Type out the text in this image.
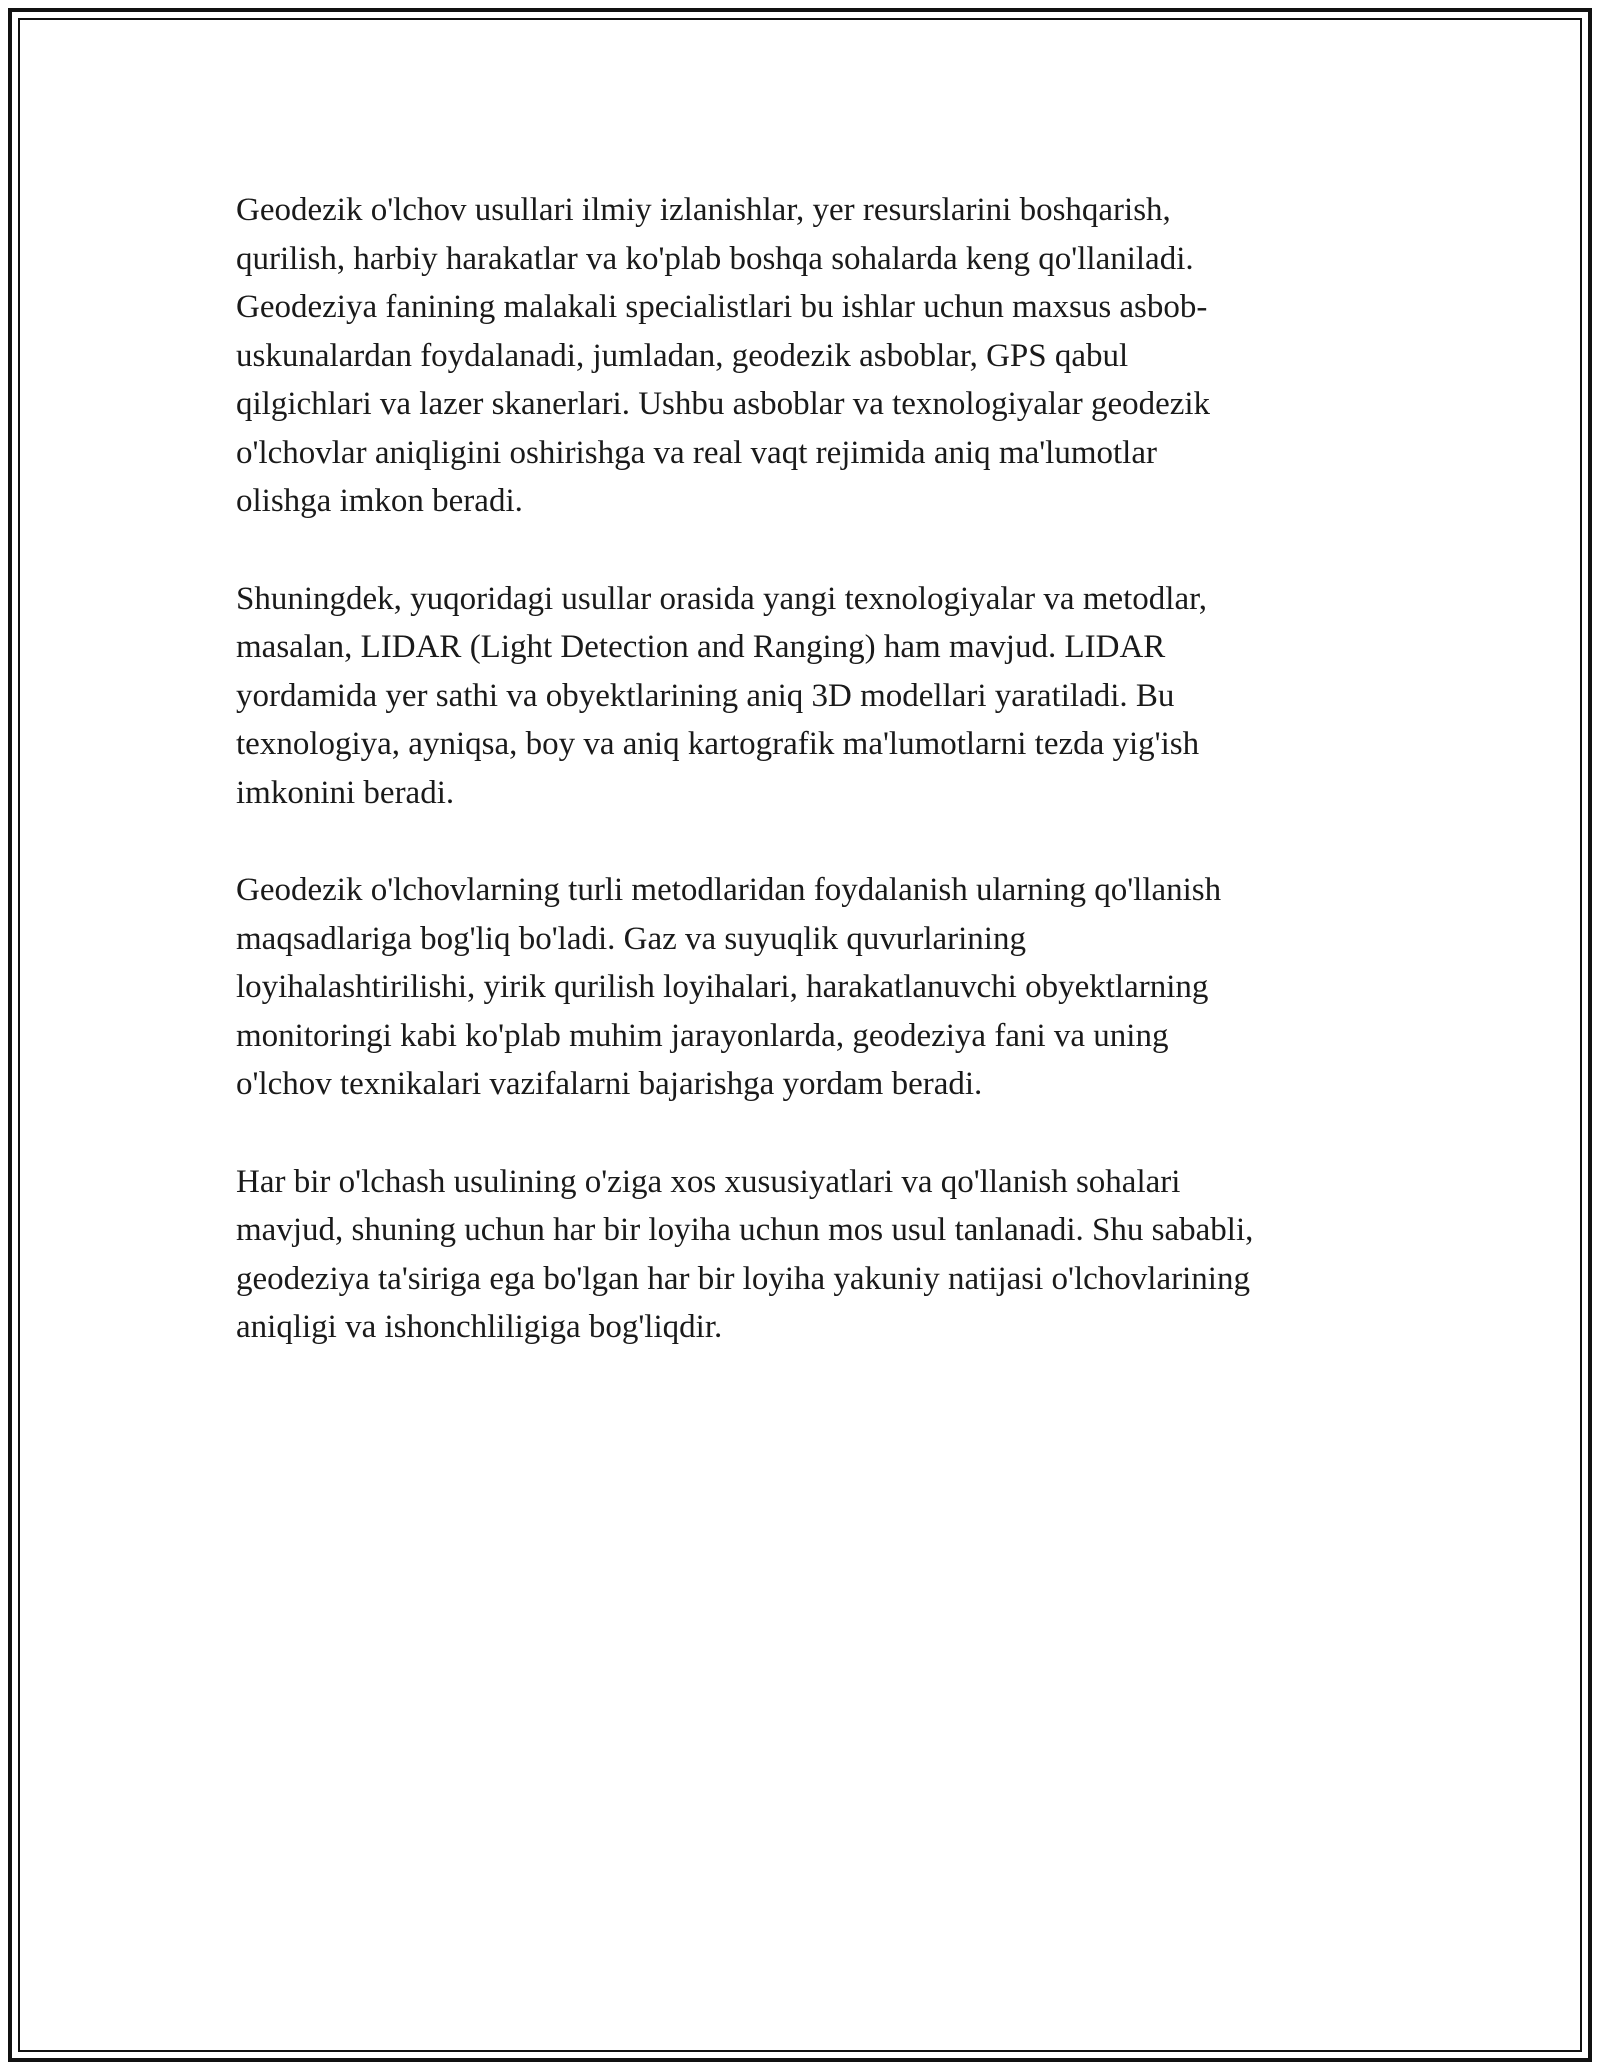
Geodezik o'lchov usullari ilmiy izlanishlar, yer resurslarini boshqarish,
qurilish, harbiy harakatlar va ko'plab boshqa sohalarda keng qo'llaniladi.
Geodeziya fanining malakali specialistlari bu ishlar uchun maxsus asbob-
uskunalardan foydalanadi, jumladan, geodezik asboblar, GPS qabul
qilgichlari va lazer skanerlari. Ushbu asboblar va texnologiyalar geodezik
o'lchovlar aniqligini oshirishga va real vaqt rejimida aniq ma'lumotlar
olishga imkon beradi.

Shuningdek, yuqoridagi usullar orasida yangi texnologiyalar va metodlar,
masalan, LIDAR (Light Detection and Ranging) ham mavjud. LIDAR
yordamida yer sathi va obyektlarining aniq 3D modellari yaratiladi. Bu
texnologiya, ayniqsa, boy va aniq kartografik ma'lumotlarni tezda yig'ish
imkonini beradi.

Geodezik o'lchovlarning turli metodlaridan foydalanish ularning qo'llanish
maqsadlariga bog'liq bo'ladi. Gaz va suyuqlik quvurlarining
loyihalashtirilishi, yirik qurilish loyihalari, harakatlanuvchi obyektlarning
monitoringi kabi ko'plab muhim jarayonlarda, geodeziya fani va uning
o'lchov texnikalari vazifalarni bajarishga yordam beradi.

Har bir o'lchash usulining o'ziga xos xususiyatlari va qo'llanish sohalari
mavjud, shuning uchun har bir loyiha uchun mos usul tanlanadi. Shu sababli,
geodeziya ta'siriga ega bo'lgan har bir loyiha yakuniy natijasi o'lchovlarining
aniqligi va ishonchliligiga bog'liqdir.
